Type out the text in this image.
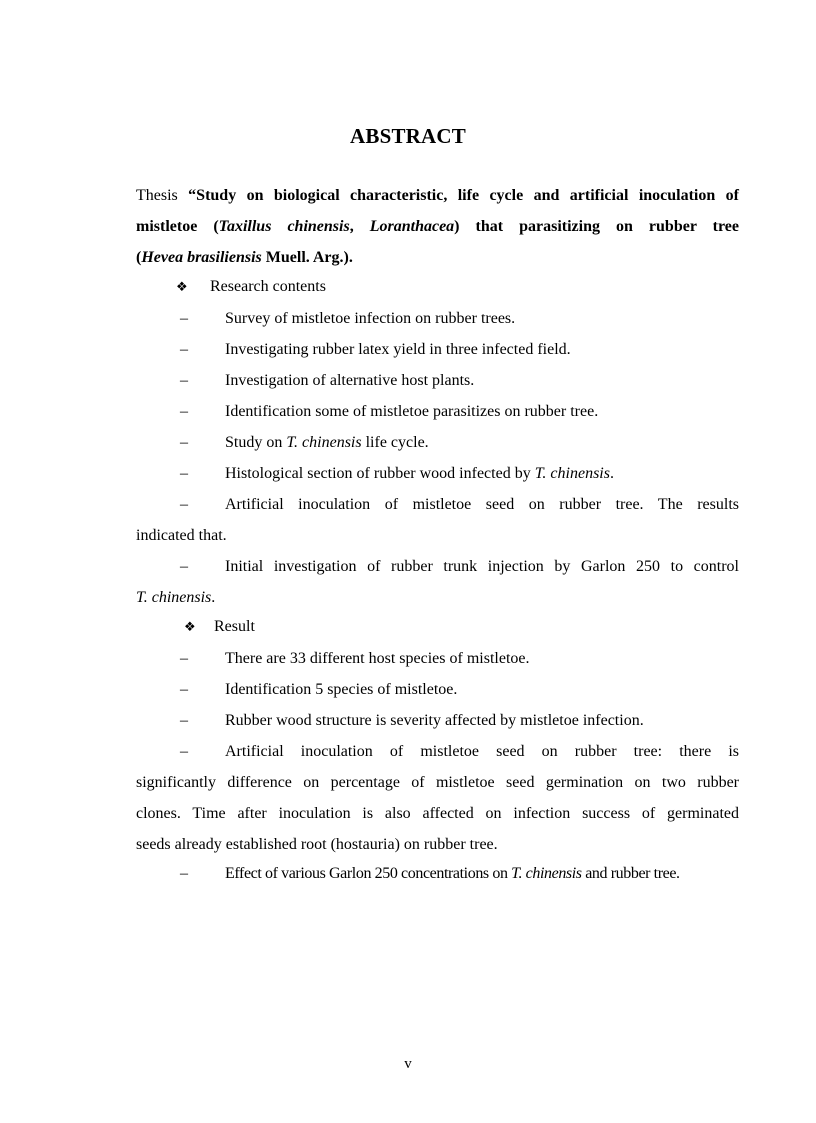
ABSTRACT
Thesis “Study on biological characteristic, life cycle and artificial inoculation of
mistletoe (Taxillus chinensis, Loranthacea) that parasitizing on rubber tree
(Hevea brasiliensis Muell. Arg.).
❖ Research contents
– Survey of mistletoe infection on rubber trees.
– Investigating rubber latex yield in three infected field.
– Investigation of alternative host plants.
– Identification some of mistletoe parasitizes on rubber tree.
– Study on T. chinensis life cycle.
– Histological section of rubber wood infected by T. chinensis.
– Artificial inoculation of mistletoe seed on rubber tree. The results
indicated that.
– Initial investigation of rubber trunk injection by Garlon 250 to control
T. chinensis.
❖ Result
– There are 33 different host species of mistletoe.
– Identification 5 species of mistletoe.
– Rubber wood structure is severity affected by mistletoe infection.
– Artificial inoculation of mistletoe seed on rubber tree: there is
significantly difference on percentage of mistletoe seed germination on two rubber
clones. Time after inoculation is also affected on infection success of germinated
seeds already established root (hostauria) on rubber tree.
– Effect of various Garlon 250 concentrations on T. chinensis and rubber tree.
v
